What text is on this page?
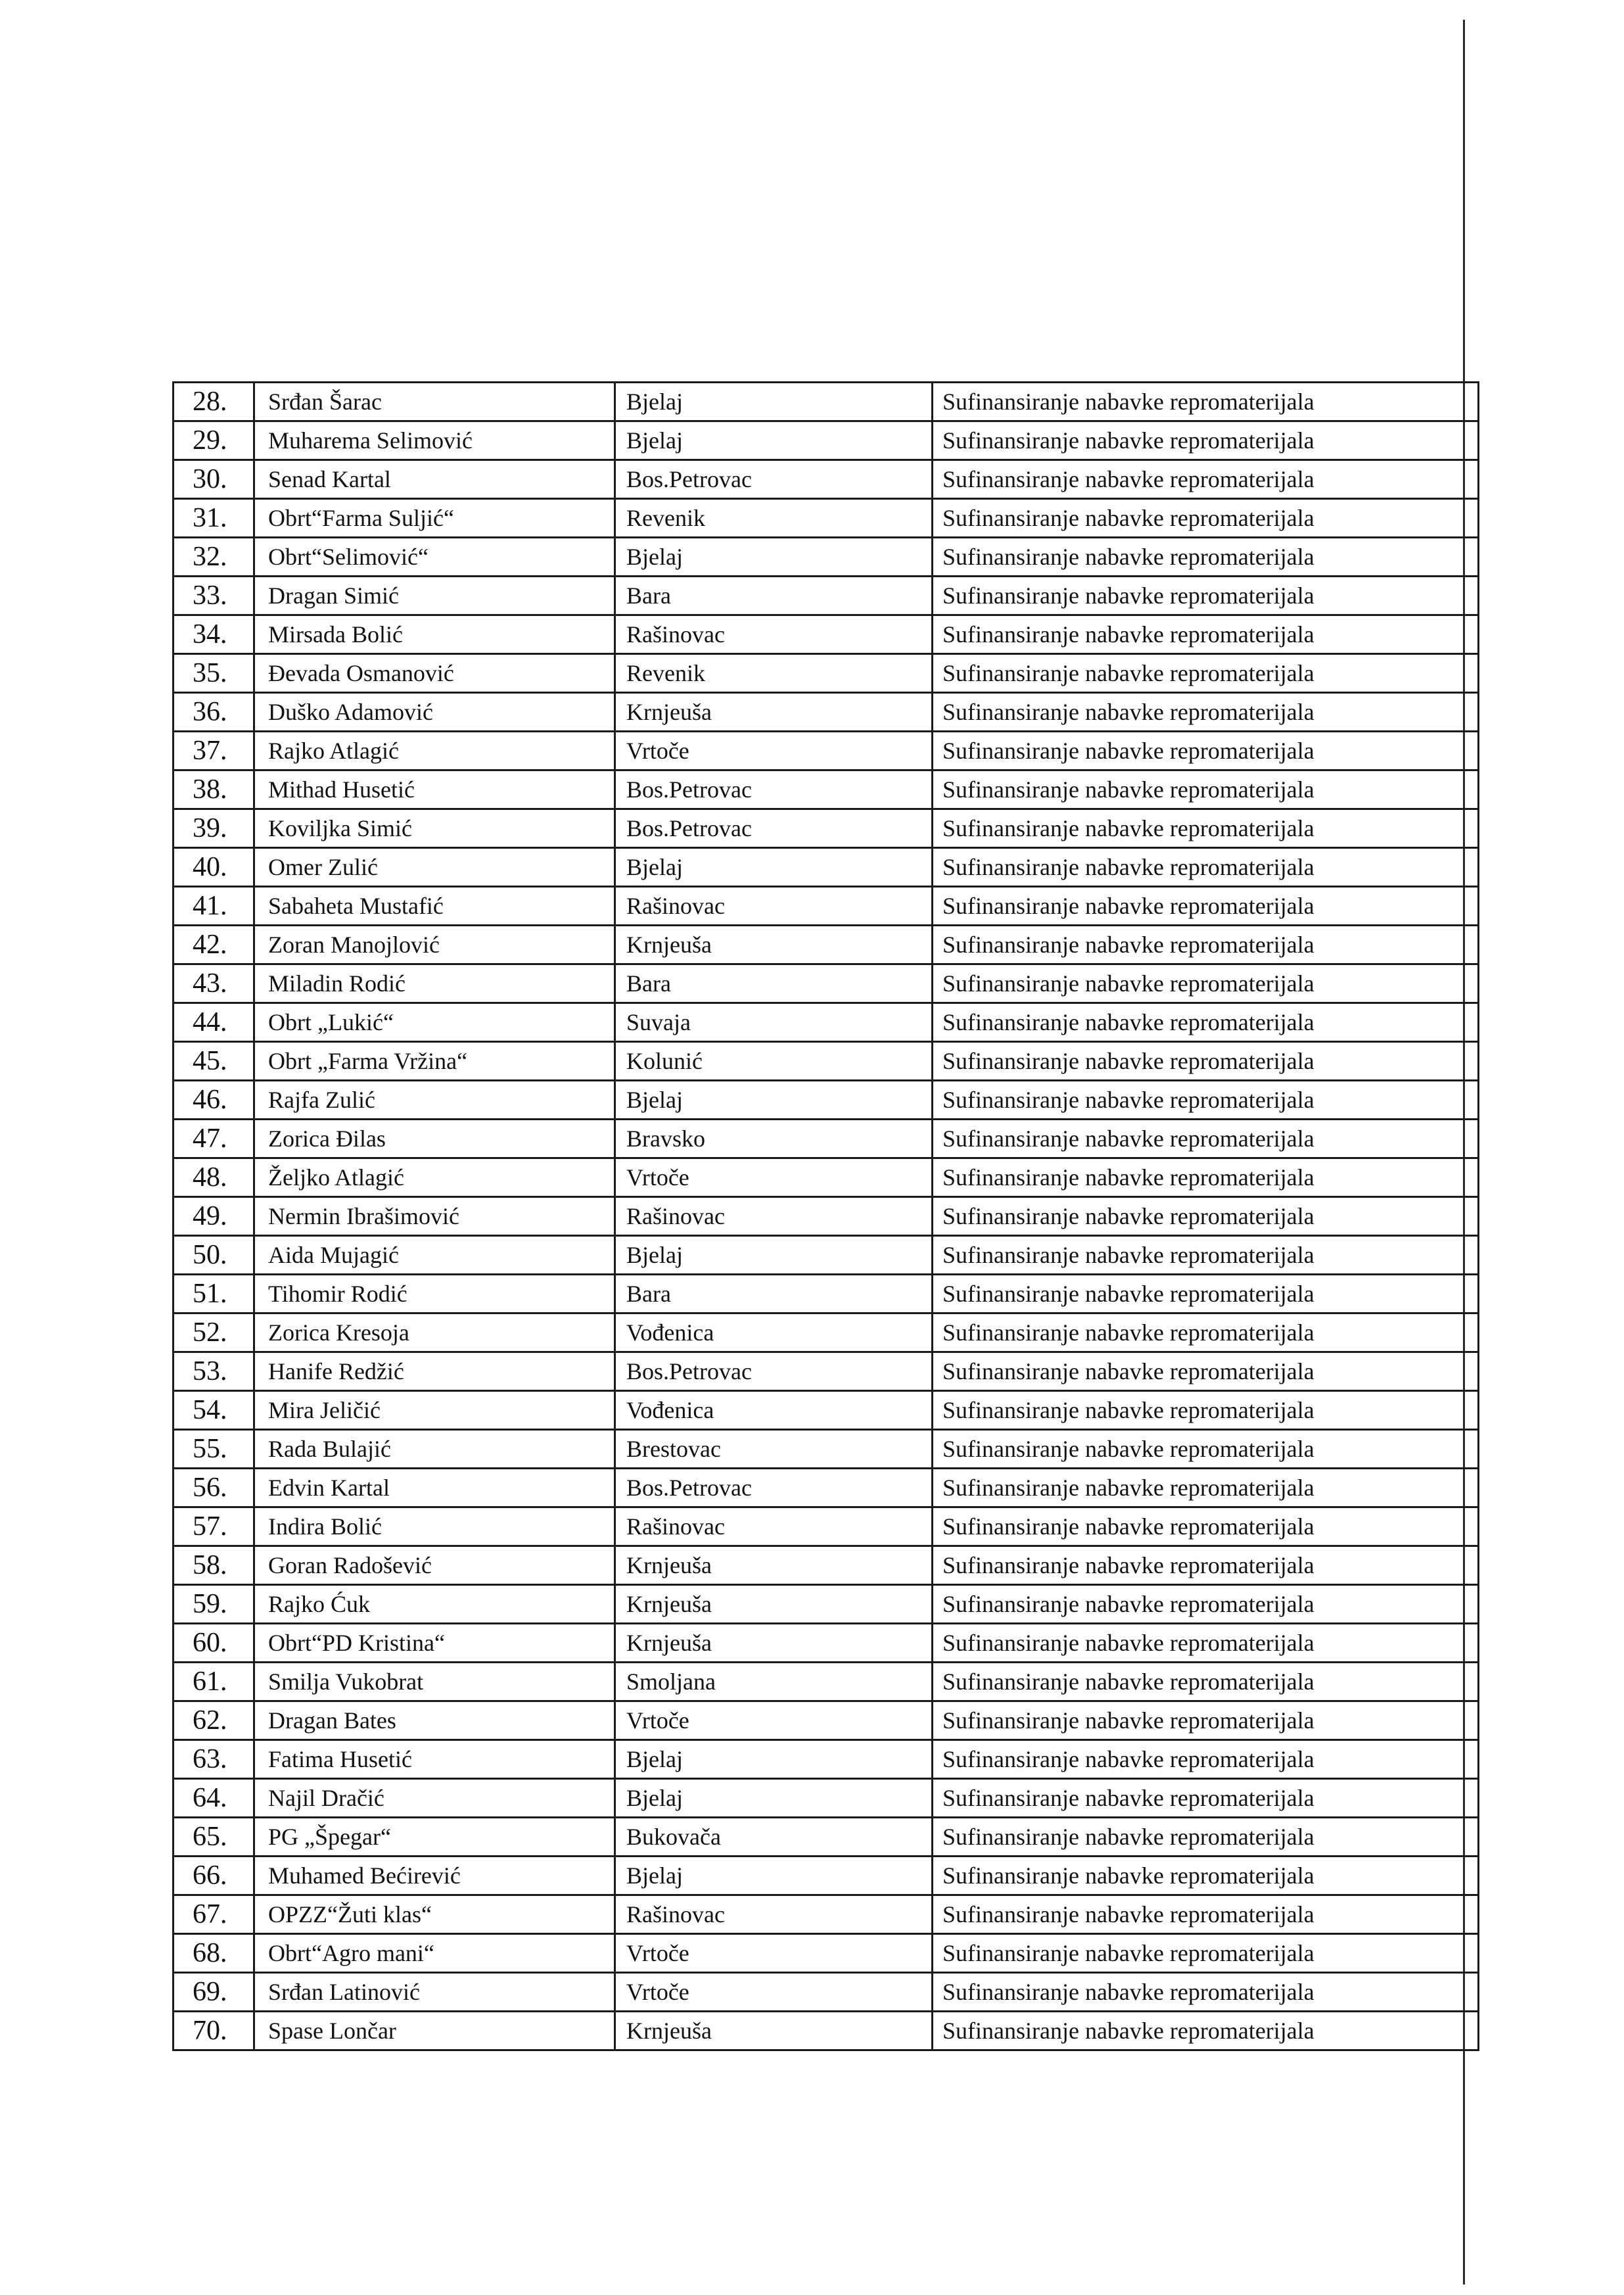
28.	Srđan Šarac	Bjelaj	Sufinansiranje nabavke repromaterijala
29.	Muharema Selimović	Bjelaj	Sufinansiranje nabavke repromaterijala
30.	Senad Kartal	Bos.Petrovac	Sufinansiranje nabavke repromaterijala
31.	Obrt“Farma Suljić“	Revenik	Sufinansiranje nabavke repromaterijala
32.	Obrt“Selimović“	Bjelaj	Sufinansiranje nabavke repromaterijala
33.	Dragan Simić	Bara	Sufinansiranje nabavke repromaterijala
34.	Mirsada Bolić	Rašinovac	Sufinansiranje nabavke repromaterijala
35.	Đevada Osmanović	Revenik	Sufinansiranje nabavke repromaterijala
36.	Duško Adamović	Krnjeuša	Sufinansiranje nabavke repromaterijala
37.	Rajko Atlagić	Vrtoče	Sufinansiranje nabavke repromaterijala
38.	Mithad Husetić	Bos.Petrovac	Sufinansiranje nabavke repromaterijala
39.	Koviljka Simić	Bos.Petrovac	Sufinansiranje nabavke repromaterijala
40.	Omer Zulić	Bjelaj	Sufinansiranje nabavke repromaterijala
41.	Sabaheta Mustafić	Rašinovac	Sufinansiranje nabavke repromaterijala
42.	Zoran Manojlović	Krnjeuša	Sufinansiranje nabavke repromaterijala
43.	Miladin Rodić	Bara	Sufinansiranje nabavke repromaterijala
44.	Obrt „Lukić“	Suvaja	Sufinansiranje nabavke repromaterijala
45.	Obrt „Farma Vržina“	Kolunić	Sufinansiranje nabavke repromaterijala
46.	Rajfa Zulić	Bjelaj	Sufinansiranje nabavke repromaterijala
47.	Zorica Đilas	Bravsko	Sufinansiranje nabavke repromaterijala
48.	Željko Atlagić	Vrtoče	Sufinansiranje nabavke repromaterijala
49.	Nermin Ibrašimović	Rašinovac	Sufinansiranje nabavke repromaterijala
50.	Aida Mujagić	Bjelaj	Sufinansiranje nabavke repromaterijala
51.	Tihomir Rodić	Bara	Sufinansiranje nabavke repromaterijala
52.	Zorica Kresoja	Vođenica	Sufinansiranje nabavke repromaterijala
53.	Hanife Redžić	Bos.Petrovac	Sufinansiranje nabavke repromaterijala
54.	Mira Jeličić	Vođenica	Sufinansiranje nabavke repromaterijala
55.	Rada Bulajić	Brestovac	Sufinansiranje nabavke repromaterijala
56.	Edvin Kartal	Bos.Petrovac	Sufinansiranje nabavke repromaterijala
57.	Indira Bolić	Rašinovac	Sufinansiranje nabavke repromaterijala
58.	Goran Radošević	Krnjeuša	Sufinansiranje nabavke repromaterijala
59.	Rajko Ćuk	Krnjeuša	Sufinansiranje nabavke repromaterijala
60.	Obrt“PD Kristina“	Krnjeuša	Sufinansiranje nabavke repromaterijala
61.	Smilja Vukobrat	Smoljana	Sufinansiranje nabavke repromaterijala
62.	Dragan Bates	Vrtoče	Sufinansiranje nabavke repromaterijala
63.	Fatima Husetić	Bjelaj	Sufinansiranje nabavke repromaterijala
64.	Najil Dračić	Bjelaj	Sufinansiranje nabavke repromaterijala
65.	PG „Špegar“	Bukovača	Sufinansiranje nabavke repromaterijala
66.	Muhamed Bećirević	Bjelaj	Sufinansiranje nabavke repromaterijala
67.	OPZZ“Žuti klas“	Rašinovac	Sufinansiranje nabavke repromaterijala
68.	Obrt“Agro mani“	Vrtoče	Sufinansiranje nabavke repromaterijala
69.	Srđan Latinović	Vrtoče	Sufinansiranje nabavke repromaterijala
70.	Spase Lončar	Krnjeuša	Sufinansiranje nabavke repromaterijala
